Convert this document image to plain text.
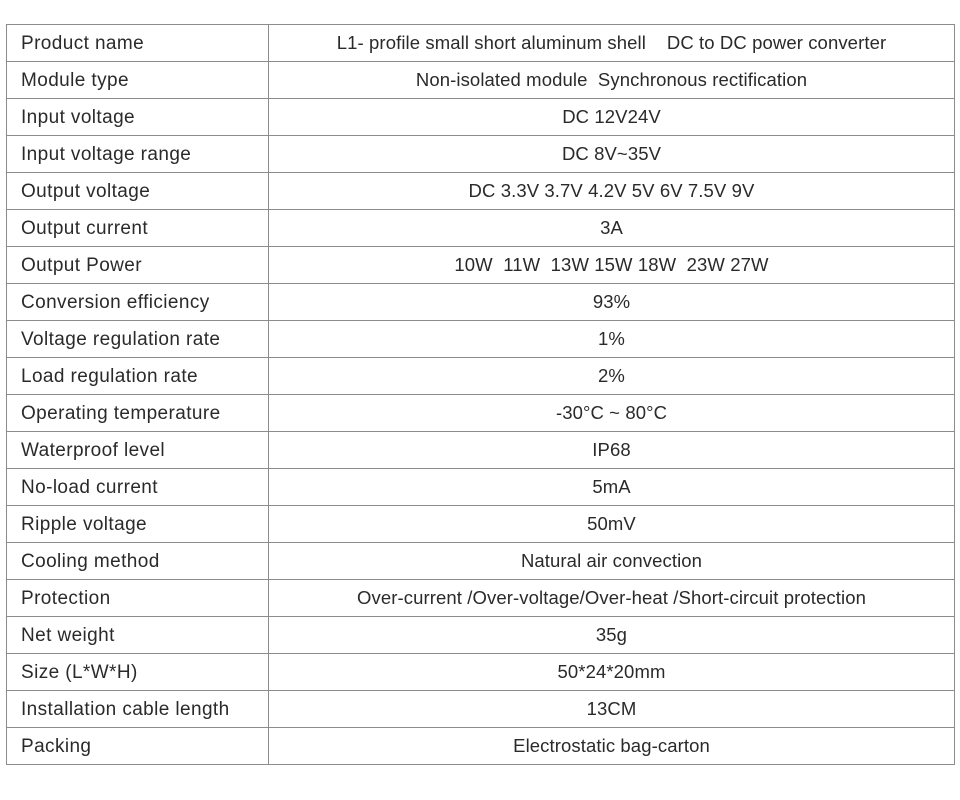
Product name	L1- profile small short aluminum shell    DC to DC power converter
Module type	Non-isolated module  Synchronous rectification
Input voltage	DC 12V24V
Input voltage range	DC 8V~35V
Output voltage	DC 3.3V 3.7V 4.2V 5V 6V 7.5V 9V
Output current	3A
Output Power	10W  11W  13W 15W 18W  23W 27W
Conversion efficiency	93%
Voltage regulation rate	1%
Load regulation rate	2%
Operating temperature	-30°C ~ 80°C
Waterproof level	IP68
No-load current	5mA
Ripple voltage	50mV
Cooling method	Natural air convection
Protection	Over-current /Over-voltage/Over-heat /Short-circuit protection
Net weight	35g
Size (L*W*H)	50*24*20mm
Installation cable length	13CM
Packing	Electrostatic bag-carton
